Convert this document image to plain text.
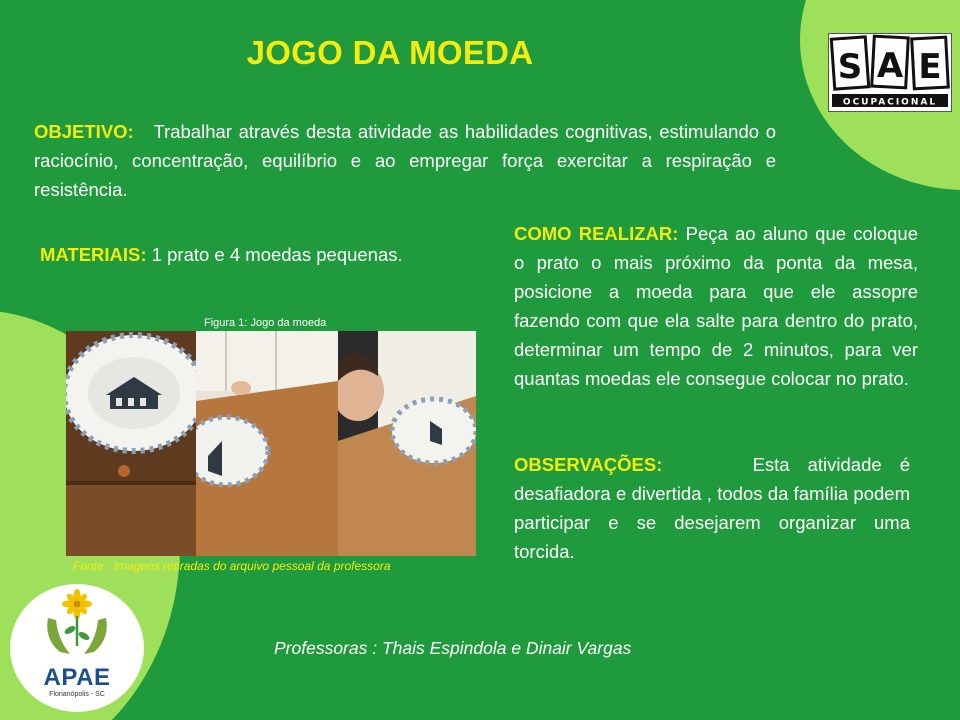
JOGO DA MOEDA	S A E
OCUPACIONAL
OBJETIVO: Trabalhar através desta atividade as habilidades cognitivas, estimulando o raciocínio, concentração, equilíbrio e ao empregar força exercitar a respiração e resistência.
MATERIAIS: 1 prato e 4 moedas pequenas.
COMO REALIZAR: Peça ao aluno que coloque o prato o mais próximo da ponta da mesa, posicione a moeda para que ele assopre fazendo com que ela salte para dentro do prato, determinar um tempo de 2 minutos, para ver quantas moedas ele consegue colocar no prato.
OBSERVAÇÕES:	Esta atividade é desafiadora e divertida , todos da família podem participar e se desejarem organizar uma torcida.
Figura 1: Jogo da moeda
Fonte : Imagens retiradas do arquivo pessoal da professora
Professoras : Thais Espindola e Dinair Vargas
APAE
Florianópolis - SC
